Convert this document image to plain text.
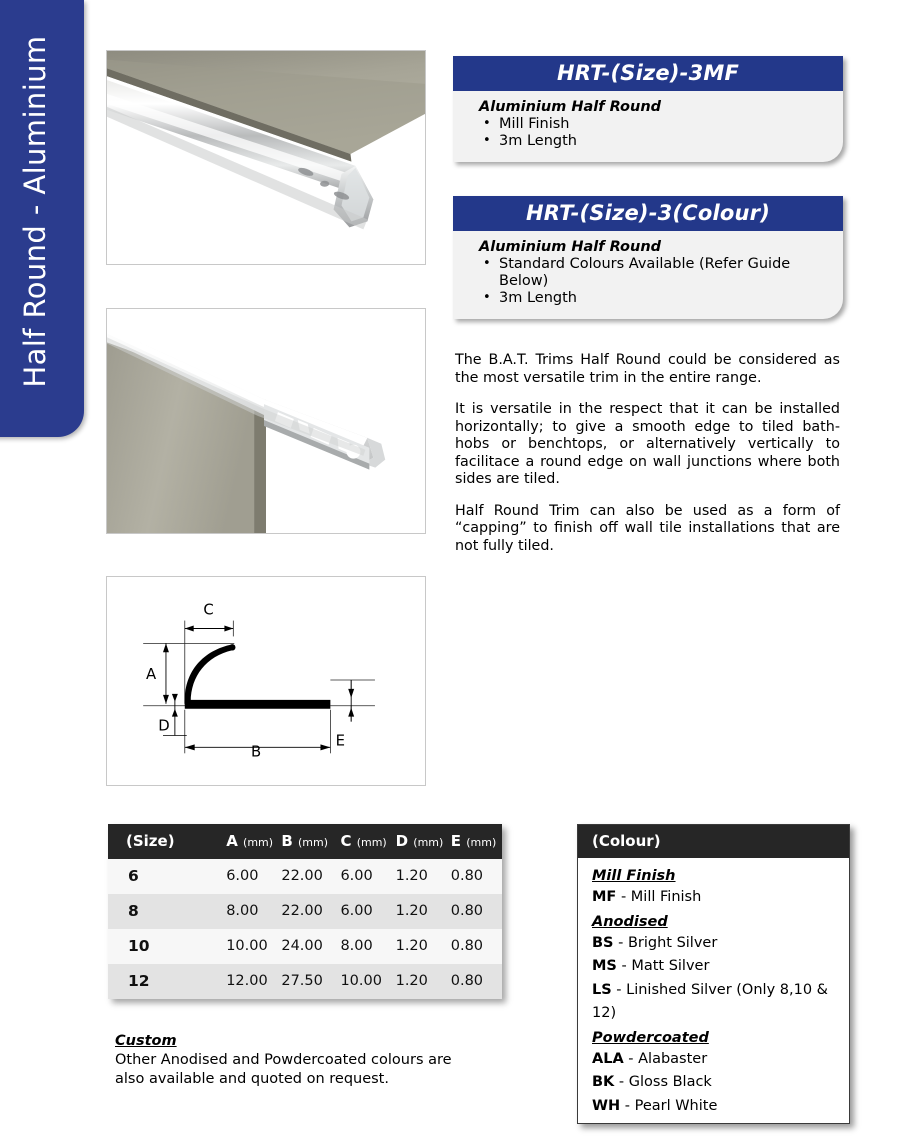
Half Round - Aluminium	HRT-(Size)-3MF
Aluminium Half Round
• Mill Finish
• 3m Length
HRT-(Size)-3(Colour)
Aluminium Half Round
• Standard Colours Available (Refer Guide Below)
• 3m Length

The B.A.T. Trims Half Round could be considered as the most versatile trim in the entire range.

It is versatile in the respect that it can be installed horizontally; to give a smooth edge to tiled bath-hobs or benchtops, or alternatively vertically to facilitace a round edge on wall junctions where both sides are tiled.

Half Round Trim can also be used as a form of “capping” to finish off wall tile installations that are not fully tiled.

A
B
C
D
E
(Size)	A (mm)	B (mm)	C (mm)	D (mm)	E (mm)
6	6.00	22.00	6.00	1.20	0.80
8	8.00	22.00	6.00	1.20	0.80
10	10.00	24.00	8.00	1.20	0.80
12	12.00	27.50	10.00	1.20	0.80
Custom
Other Anodised and Powdercoated colours are also available and quoted on request.
(Colour)
Mill Finish
MF - Mill Finish
Anodised
BS - Bright Silver
MS - Matt Silver
LS - Linished Silver (Only 8,10 & 12)
Powdercoated
ALA - Alabaster
BK - Gloss Black
WH - Pearl White
